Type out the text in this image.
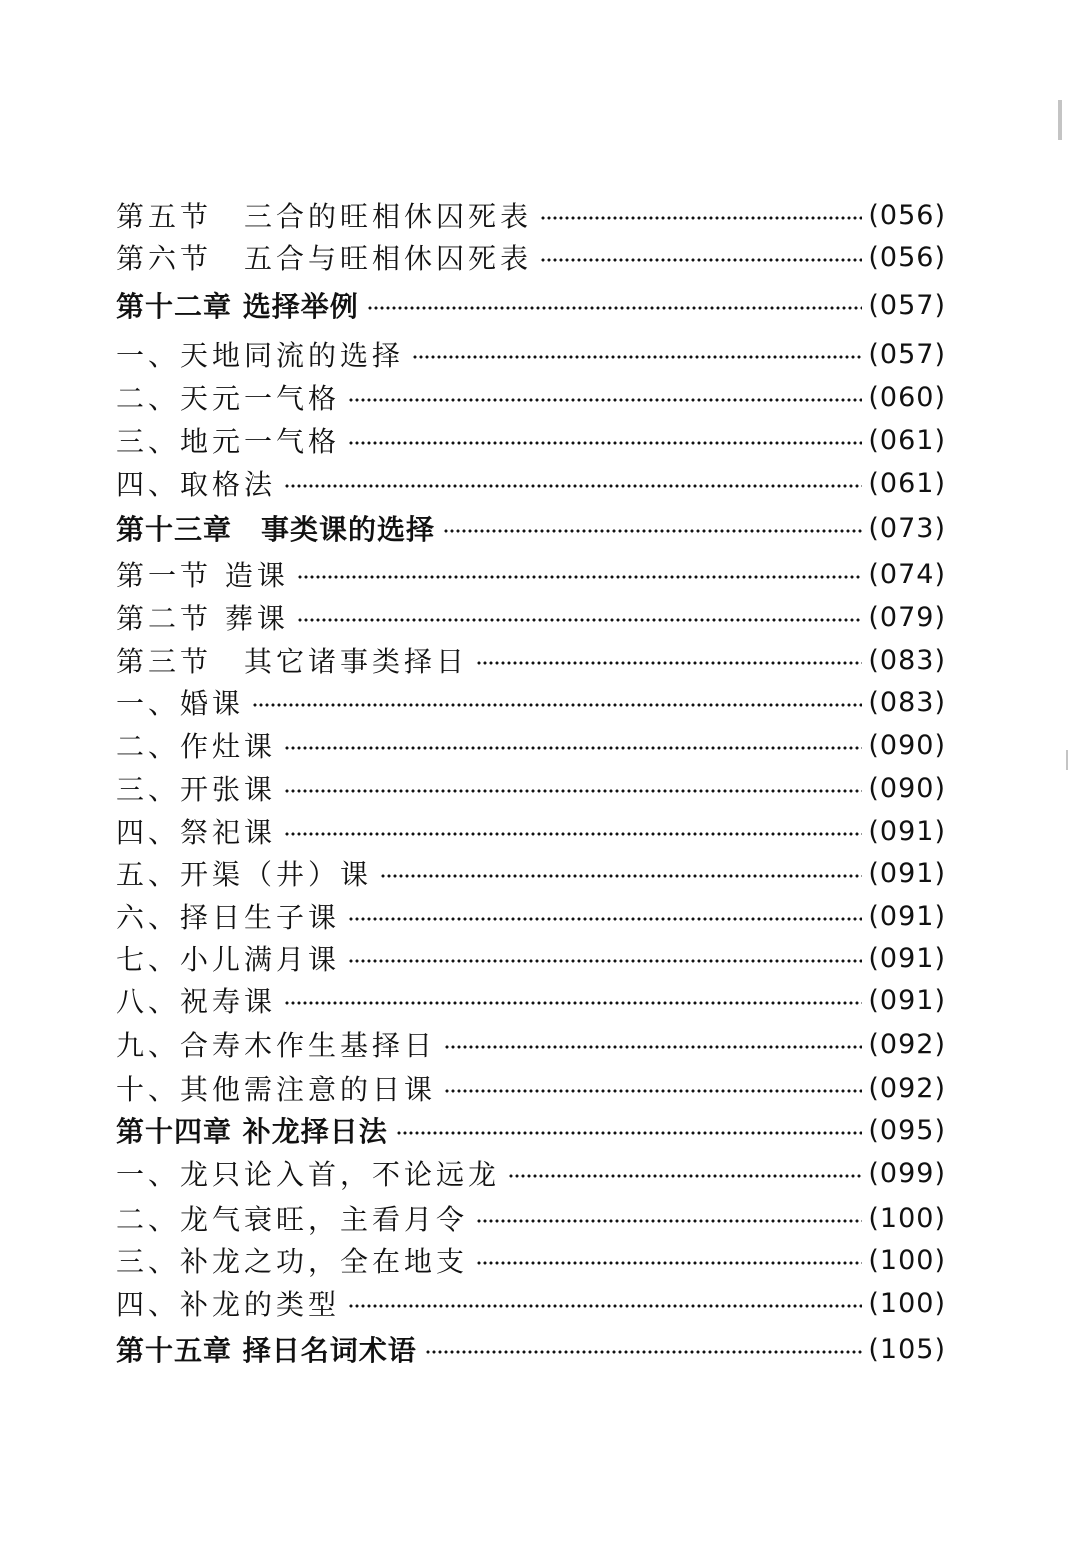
第五节　三合的旺相休囚死表	(056)
第六节　五合与旺相休囚死表	(056)
第十二章 选择举例	(057)
一、天地同流的选择	(057)
二、天元一气格	(060)
三、地元一气格	(061)
四、取格法	(061)
第十三章　事类课的选择	(073)
第一节 造课	(074)
第二节 葬课	(079)
第三节　其它诸事类择日	(083)
一、婚课	(083)
二、作灶课	(090)
三、开张课	(090)
四、祭祀课	(091)
五、开渠（井）课	(091)
六、择日生子课	(091)
七、小儿满月课	(091)
八、祝寿课	(091)
九、合寿木作生基择日	(092)
十、其他需注意的日课	(092)
第十四章 补龙择日法	(095)
一、龙只论入首，不论远龙	(099)
二、龙气衰旺，主看月令	(100)
三、补龙之功，全在地支	(100)
四、补龙的类型	(100)
第十五章 择日名词术语	(105)
